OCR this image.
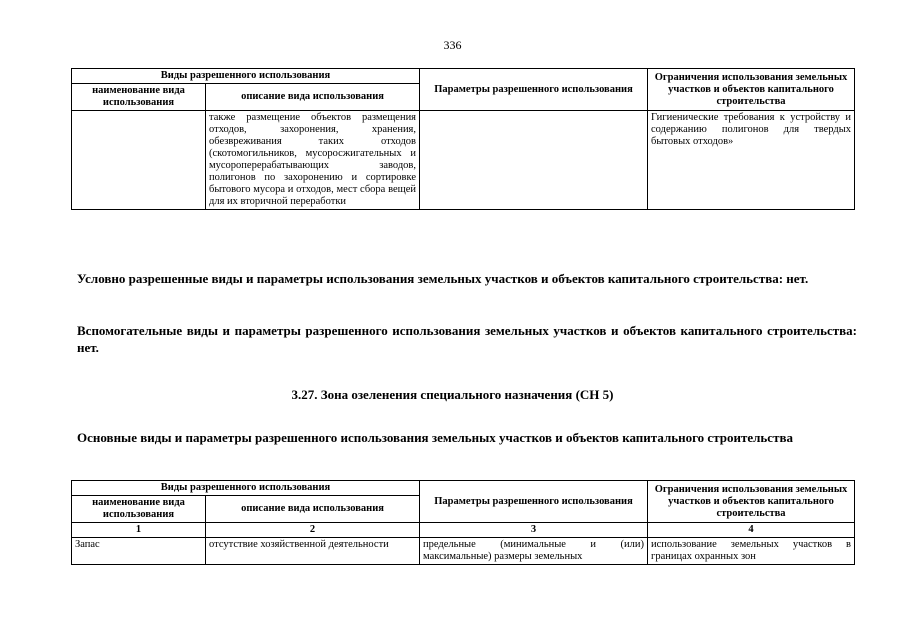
336
Виды разрешенного использования		Параметры разрешенного использования	Ограничения использования земельных участков и объектов капитального строительства
наименование вида использования	описание вида использования		
	также размещение объектов размещения отходов, захоронения, хранения, обезвреживания таких отходов (скотомогильников, мусоросжигательных и мусороперерабатывающих заводов, полигонов по захоронению и сортировке бытового мусора и отходов, мест сбора вещей для их вторичной переработки		Гигиенические требования к устройству и содержанию полигонов для твердых бытовых отходов»
Условно разрешенные виды и параметры использования земельных участков и объектов капитального строительства: нет.
Вспомогательные виды и параметры разрешенного использования земельных участков и объектов капитального строительства: нет.
3.27. Зона озеленения специального назначения (СН 5)
Основные виды и параметры разрешенного использования земельных участков и объектов капитального строительства
Виды разрешенного использования		Параметры разрешенного использования	Ограничения использования земельных участков и объектов капитального строительства
наименование вида использования	описание вида использования		
1	2	3	4
Запас	отсутствие хозяйственной деятельности	предельные (минимальные и (или) максимальные) размеры земельных	использование земельных участков в границах охранных зон
